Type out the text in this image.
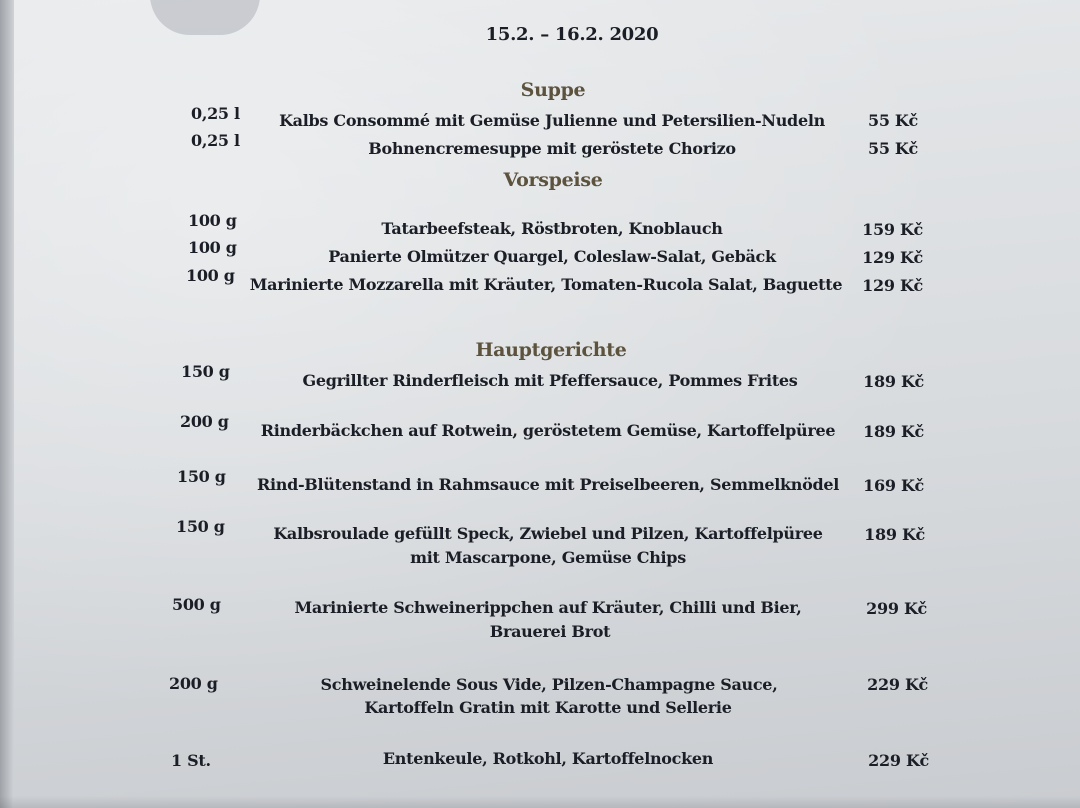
15.2. – 16.2. 2020
Suppe
0,25 l Kalbs Consommé mit Gemüse Julienne und Petersilien-Nudeln	55 Kč
0,25 l	Bohnencremesuppe mit geröstete Chorizo	55 Kč
Vorspeise
100 g	Tatarbeefsteak, Röstbroten, Knoblauch	159 Kč
100 g	Panierte Olmützer Quargel, Coleslaw-Salat, Gebäck	129 Kč
100 g Marinierte Mozzarella mit Kräuter, Tomaten-Rucola Salat, Baguette 129 Kč
Hauptgerichte
150 g	Gegrillter Rinderfleisch mit Pfeffersauce, Pommes Frites	189 Kč
200 g Rinderbäckchen auf Rotwein, geröstetem Gemüse, Kartoffelpüree 189 Kč
150 g Rind-Blütenstand in Rahmsauce mit Preiselbeeren, Semmelknödel 169 Kč
150 g	Kalbsroulade gefüllt Speck, Zwiebel und Pilzen, Kartoffelpüree
mit Mascarpone, Gemüse Chips
189 Kč
500 g	Marinierte Schweinerippchen auf Kräuter, Chilli und Bier,
Brauerei Brot
299 Kč
200 g	Schweinelende Sous Vide, Pilzen-Champagne Sauce,
Kartoffeln Gratin mit Karotte und Sellerie
229 Kč
1 St.	Entenkeule, Rotkohl, Kartoffelnocken	229 Kč
